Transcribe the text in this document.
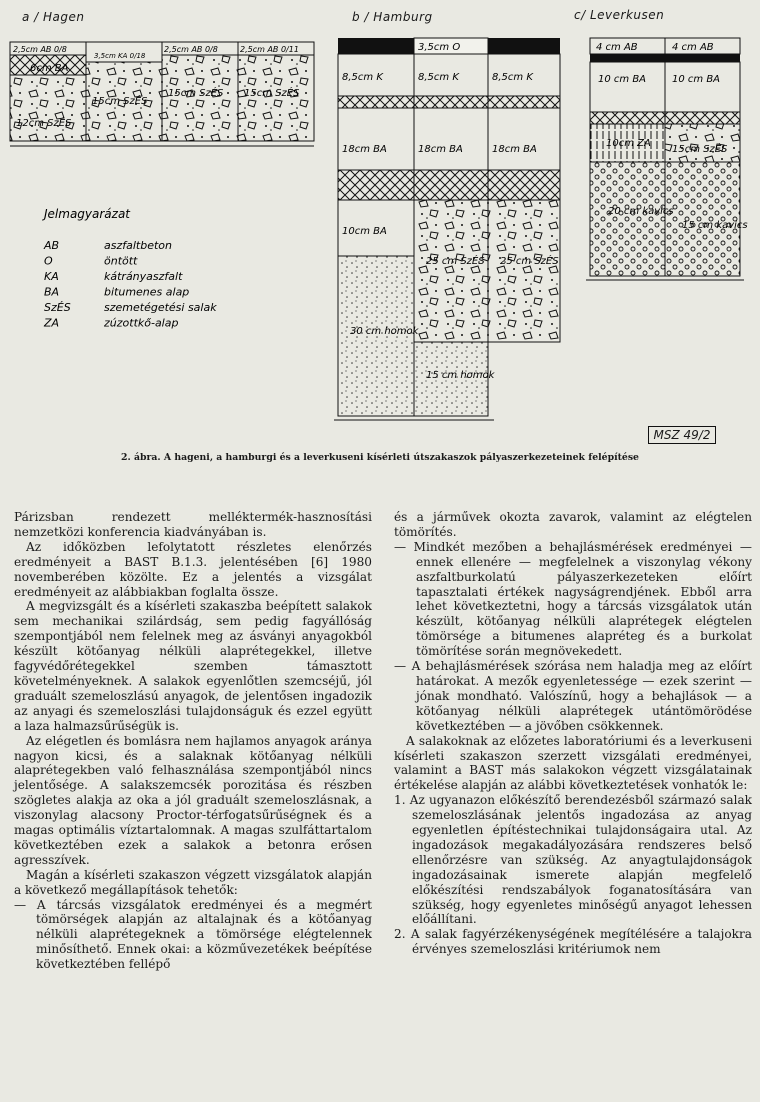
a / Hagen	b / Hamburg	c/ Leverkusen
2,5cm AB 0/8
6cm BA
12cm SzÉS
3,5cm KA 0/18
15cm SzÉS
2,5cm AB 0/8
15cm SzÉS
2,5cm AB 0/11
15cm SzÉS
3,5cm O
8,5cm K	8,5cm K	8,5cm K
18cm BA	18cm BA	18cm BA
10cm BA
25 cm SzÉS 25 cm SzÉS
30 cm homok
15 cm homok
4 cm AB	4 cm AB
10 cm BA	10 cm BA
10cm ZA
15cm SzÉS
20 cm kavics
15 cm kavics
Jelmagyarázat
AB	aszfaltbeton
O	öntött
KA	kátrányaszfalt
BA	bitumenes alap
SzÉS	szemetégetési salak
ZA	zúzottkő-alap
MSZ 49/2
2. ábra. A hageni, a hamburgi és a leverkuseni kísérleti útszakaszok pályaszerkezeteinek felépítése

Párizsban rendezett melléktermék-hasznosítási nemzetközi konferencia kiadványában is.

Az időközben lefolytatott részletes elenőrzés eredményeit a BAST B.1.3. jelentésében [6] 1980 novemberében közölte. Ez a jelentés a vizsgálat eredményeit az alábbiakban foglalta össze.

A megvizsgált és a kísérleti szakaszba beépített salakok sem mechanikai szilárdság, sem pedig fagyállóság szempontjából nem felelnek meg az ásványi anyagokból készült kötőanyag nélküli alaprétegekkel, illetve fagyvédőrétegekkel szemben támasztott követelményeknek. A salakok egyenlőtlen szemcséjű, jól graduált szemeloszlású anyagok, de jelentősen ingadozik az anyagi és szemeloszlási tulajdonságuk és ezzel együtt a laza halmazsűrűségük is.

Az elégetlen és bomlásra nem hajlamos anyagok aránya nagyon kicsi, és a salaknak kötőanyag nélküli alaprétegekben való felhasználása szempontjából nincs jelentősége. A salakszemcsék porozitása és részben szögletes alakja az oka a jól graduált szemeloszlásnak, a viszonylag alacsony Proctor-térfogatsűrűségnek és a magas optimális víztartalomnak. A magas szulfáttartalom következtében ezek a salakok a betonra erősen agresszívek.

Magán a kísérleti szakaszon végzett vizsgálatok alapján a következő megállapítások tehetők:

— A tárcsás vizsgálatok eredményei és a megmért tömörségek alapján az altalajnak és a kötőanyag nélküli alaprétegeknek a tömörsége elégtelennek minősíthető. Ennek okai: a közművezetékek beépítése következtében fellépő

és a járművek okozta zavarok, valamint az elégtelen tömörítés.

— Mindkét mezőben a behajlásmérések eredményei — ennek ellenére — megfelelnek a viszonylag vékony aszfaltburkolatú pályaszerkezeteken előírt tapasztalati értékek nagyságrendjének. Ebből arra lehet következtetni, hogy a tárcsás vizsgálatok után készült, kötőanyag nélküli alaprétegek elégtelen tömörsége a bitumenes alapréteg és a burkolat tömörítése során megnövekedett.

— A behajlásmérések szórása nem haladja meg az előírt határokat. A mezők egyenletessége — ezek szerint — jónak mondható. Valószínű, hogy a behajlások — a kötőanyag nélküli alaprétegek utántömörödése következtében — a jövőben csökkennek.

A salakoknak az előzetes laboratóriumi és a leverkuseni kísérleti szakaszon szerzett vizsgálati eredményei, valamint a BAST más salakokon végzett vizsgálatainak értékelése alapján az alábbi következtetések vonhatók le:

1. Az ugyanazon előkészítő berendezésből származó salak szemeloszlásának jelentős ingadozása az anyag egyenletlen építéstechnikai tulajdonságaira utal. Az ingadozások megakadályozására rendszeres belső ellenőrzésre van szükség. Az anyagtulajdonságok ingadozásainak ismerete alapján megfelelő előkészítési rendszabályok foganatosítására van szükség, hogy egyenletes minőségű anyagot lehessen előállítani.

2. A salak fagyérzékenységének megítélésére a talajokra érvényes szemeloszlási kritériumok nem
